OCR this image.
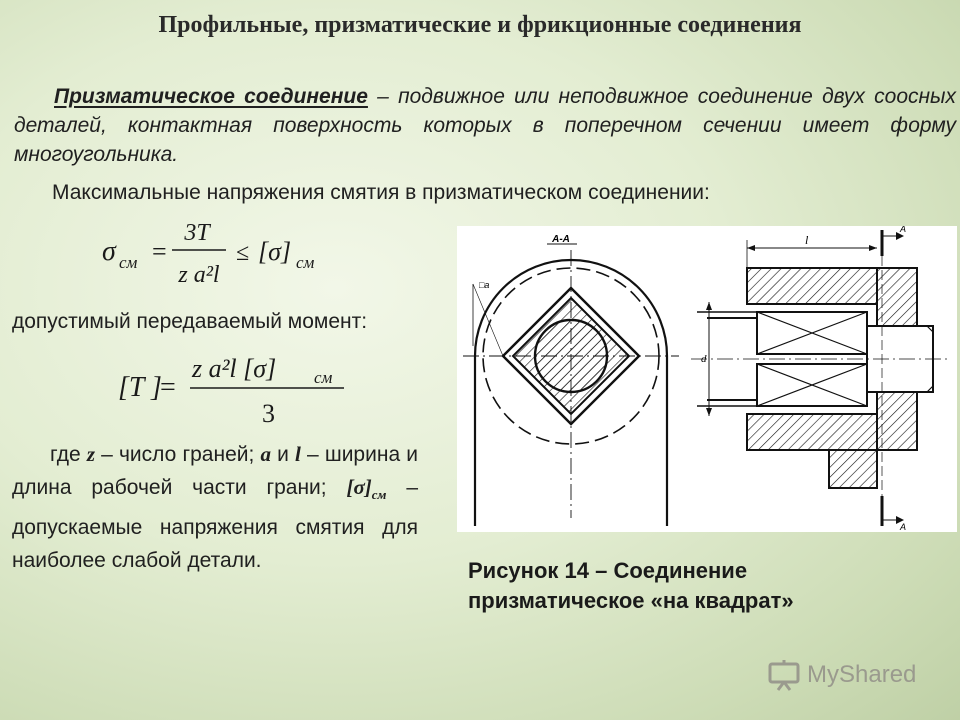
Профильные, призматические и фрикционные соединения
Призматическое соединение – подвижное или неподвижное соединение двух соосных деталей, контактная поверхность которых в поперечном сечении имеет форму многоугольника.
Максимальные напряжения смятия в призматическом соединении:
σ см =
3T
z a²l
≤ [σ] см
допустимый передаваемый момент:
[T ]
=
z a²l [σ] см
3
где z – число граней; a и l – ширина и длина рабочей части грани; $[\sigma]_{см}$ – допускаемые напряжения смятия для наиболее слабой детали.
А-А
□а
l
d
А
А
Рисунок 14 – Соединение
призматическое «на квадрат»
MyShared
